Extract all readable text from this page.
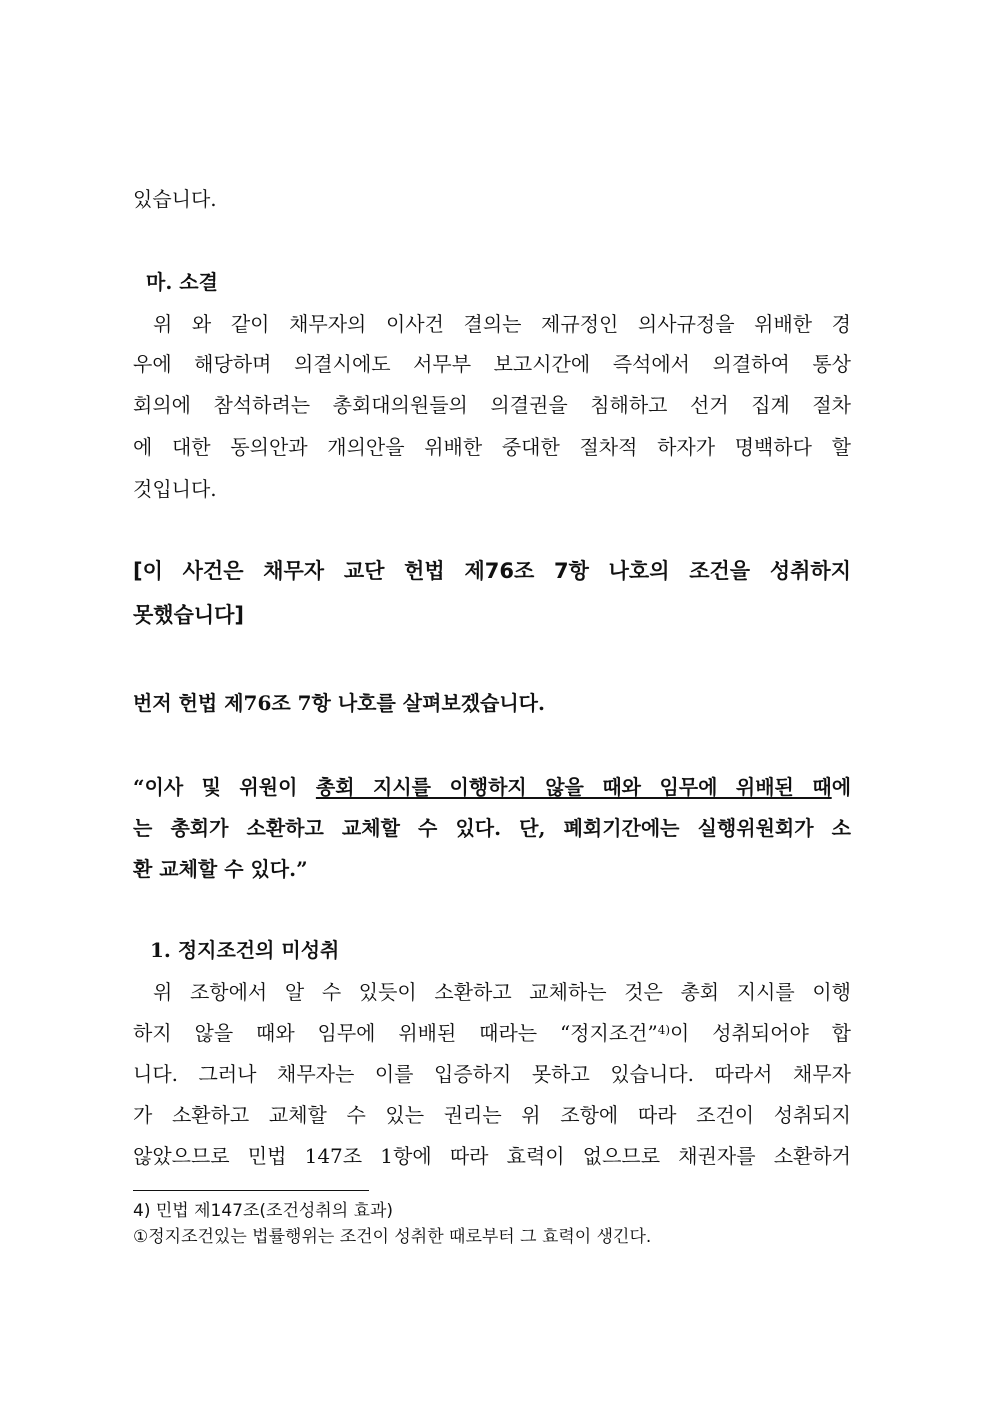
있습니다.
마. 소결
위 와 같이 채무자의 이사건 결의는 제규정인 의사규정을 위배한 경
우에 해당하며 의결시에도 서무부 보고시간에 즉석에서 의결하여 통상
회의에 참석하려는 총회대의원들의 의결권을 침해하고 선거 집계 절차
에 대한 동의안과 개의안을 위배한 중대한 절차적 하자가 명백하다 할
것입니다.
[이 사건은 채무자 교단 헌법 제76조 7항 나호의 조건을 성취하지
못했습니다]
번저 헌법 제76조 7항 나호를 살펴보겠습니다.
“이사 및 위원이 총회 지시를 이행하지 않을 때와 임무에 위배된 때에
는 총회가 소환하고 교체할 수 있다. 단, 폐회기간에는 실행위원회가 소
환 교체할 수 있다.”
1. 정지조건의 미성취
위 조항에서 알 수 있듯이 소환하고 교체하는 것은 총회 지시를 이행
하지 않을 때와 임무에 위배된 때라는 “정지조건”$^{4)}$이 성취되어야 합
니다. 그러나 채무자는 이를 입증하지 못하고 있습니다. 따라서 채무자
가 소환하고 교체할 수 있는 권리는 위 조항에 따라 조건이 성취되지
않았으므로 민법 147조 1항에 따라 효력이 없으므로 채권자를 소환하거
4) 민법 제147조(조건성취의 효과)
①정지조건있는 법률행위는 조건이 성취한 때로부터 그 효력이 생긴다.
